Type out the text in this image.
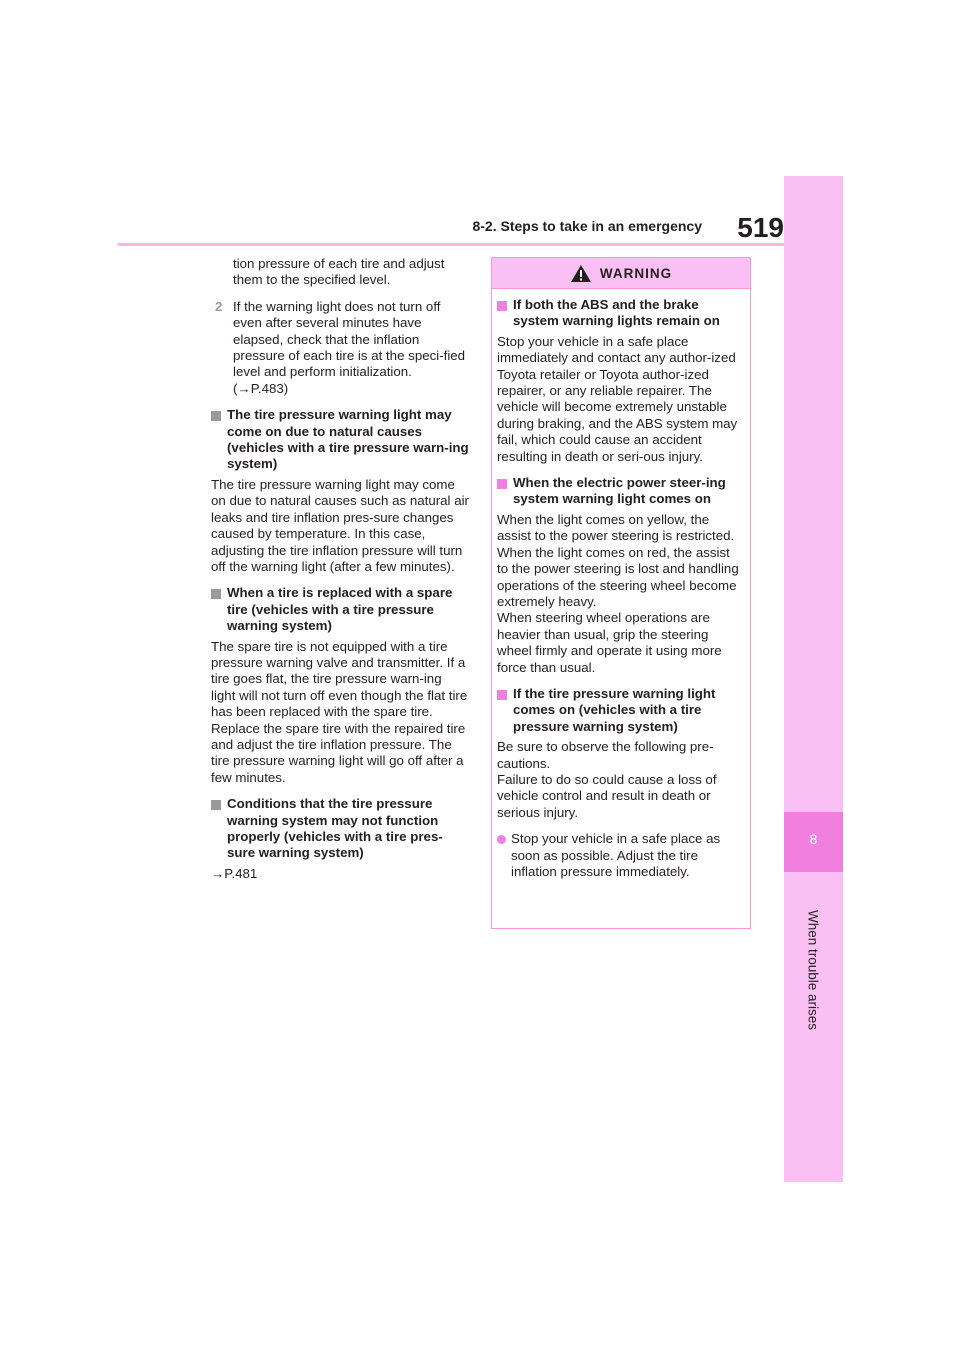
8-2. Steps to take in an emergency	519
8
When trouble arises

tion pressure of each tire and adjust them to the specified level.

2 If the warning light does not turn off even after several minutes have elapsed, check that the inflation pressure of each tire is at the speci-fied level and perform initialization. (→P.483)
The tire pressure warning light may come on due to natural causes (vehicles with a tire pressure warn-ing system)

The tire pressure warning light may come on due to natural causes such as natural air leaks and tire inflation pres-sure changes caused by temperature. In this case, adjusting the tire inflation pressure will turn off the warning light (after a few minutes).

When a tire is replaced with a spare tire (vehicles with a tire pressure warning system)

The spare tire is not equipped with a tire pressure warning valve and transmitter. If a tire goes flat, the tire pressure warn-ing light will not turn off even though the flat tire has been replaced with the spare tire. Replace the spare tire with the repaired tire and adjust the tire inflation pressure. The tire pressure warning light will go off after a few minutes.

Conditions that the tire pressure warning system may not function properly (vehicles with a tire pres-sure warning system)

→P.481

WARNING
If both the ABS and the brake system warning lights remain on

Stop your vehicle in a safe place immediately and contact any author-ized Toyota retailer or Toyota author-ized repairer, or any reliable repairer. The vehicle will become extremely unstable during braking, and the ABS system may fail, which could cause an accident resulting in death or seri-ous injury.

When the electric power steer-ing system warning light comes on

When the light comes on yellow, the assist to the power steering is restricted. When the light comes on red, the assist to the power steering is lost and handling operations of the steering wheel become extremely heavy.
When steering wheel operations are heavier than usual, grip the steering wheel firmly and operate it using more force than usual.

If the tire pressure warning light comes on (vehicles with a tire pressure warning system)

Be sure to observe the following pre-cautions.
Failure to do so could cause a loss of vehicle control and result in death or serious injury.

Stop your vehicle in a safe place as soon as possible. Adjust the tire inflation pressure immediately.
